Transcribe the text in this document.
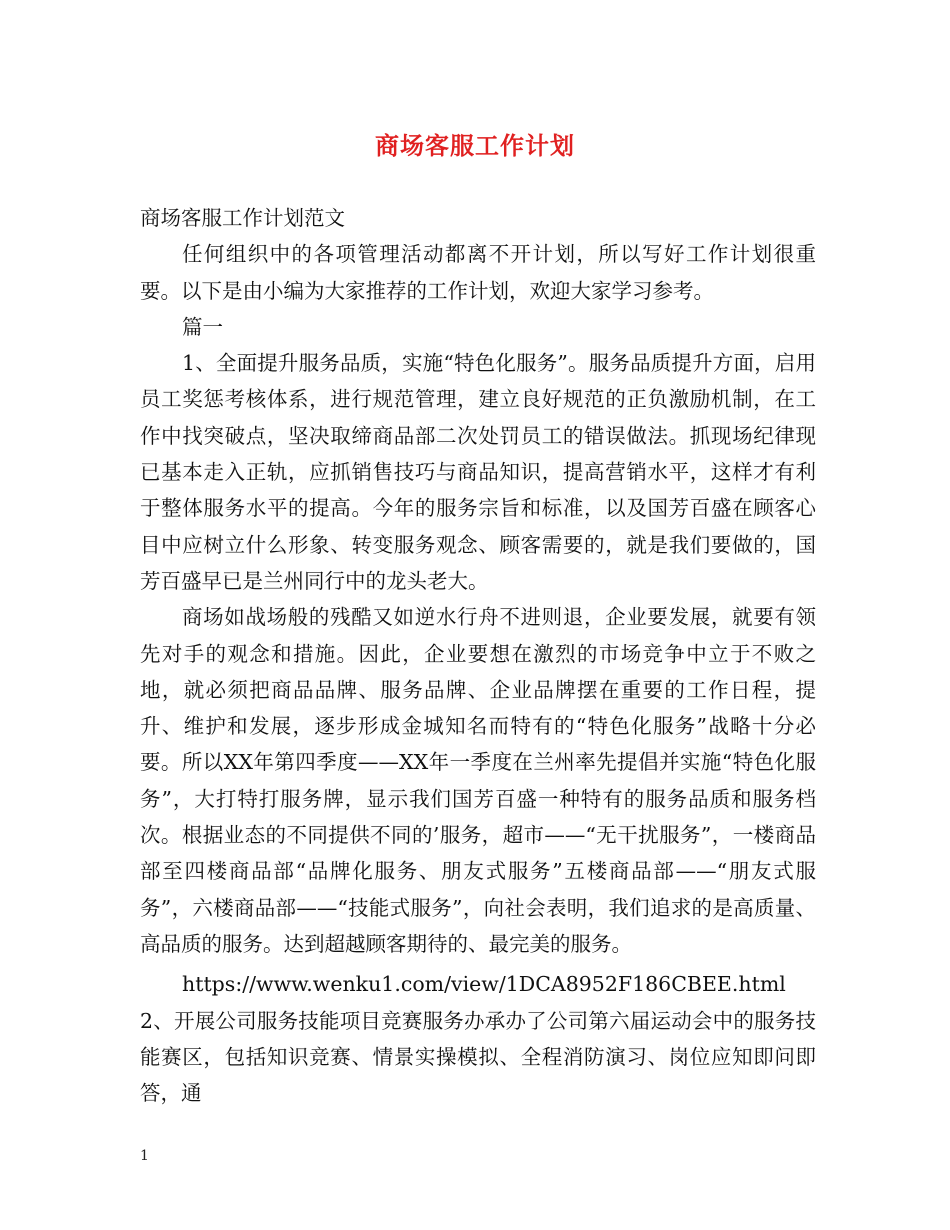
商场客服工作计划

商场客服工作计划范文

任何组织中的各项管理活动都离不开计划，所以写好工作计划很重要。以下是由小编为大家推荐的工作计划，欢迎大家学习参考。

篇一

1、全面提升服务品质，实施“特色化服务”。服务品质提升方面，启用员工奖惩考核体系，进行规范管理，建立良好规范的正负激励机制，在工作中找突破点，坚决取缔商品部二次处罚员工的错误做法。抓现场纪律现已基本走入正轨，应抓销售技巧与商品知识，提高营销水平，这样才有利于整体服务水平的提高。今年的服务宗旨和标准，以及国芳百盛在顾客心目中应树立什么形象、转变服务观念、顾客需要的，就是我们要做的，国芳百盛早已是兰州同行中的龙头老大。

商场如战场般的残酷又如逆水行舟不进则退，企业要发展，就要有领先对手的观念和措施。因此，企业要想在激烈的市场竞争中立于不败之地，就必须把商品品牌、服务品牌、企业品牌摆在重要的工作日程，提升、维护和发展，逐步形成金城知名而特有的“特色化服务”战略十分必要。所以XX年第四季度——XX年一季度在兰州率先提倡并实施“特色化服务”，大打特打服务牌，显示我们国芳百盛一种特有的服务品质和服务档次。根据业态的不同提供不同的’服务，超市——“无干扰服务”，一楼商品部至四楼商品部“品牌化服务、朋友式服务”五楼商品部——“朋友式服务”，六楼商品部——“技能式服务”，向社会表明，我们追求的是高质量、高品质的服务。达到超越顾客期待的、最完美的服务。

https://www.wenku1.com/view/1DCA8952F186CBEE.html2、开展公司服务技能项目竞赛服务办承办了公司第六届运动会中的服务技能赛区，包括知识竞赛、情景实操模拟、全程消防演习、岗位应知即问即答，通

1
